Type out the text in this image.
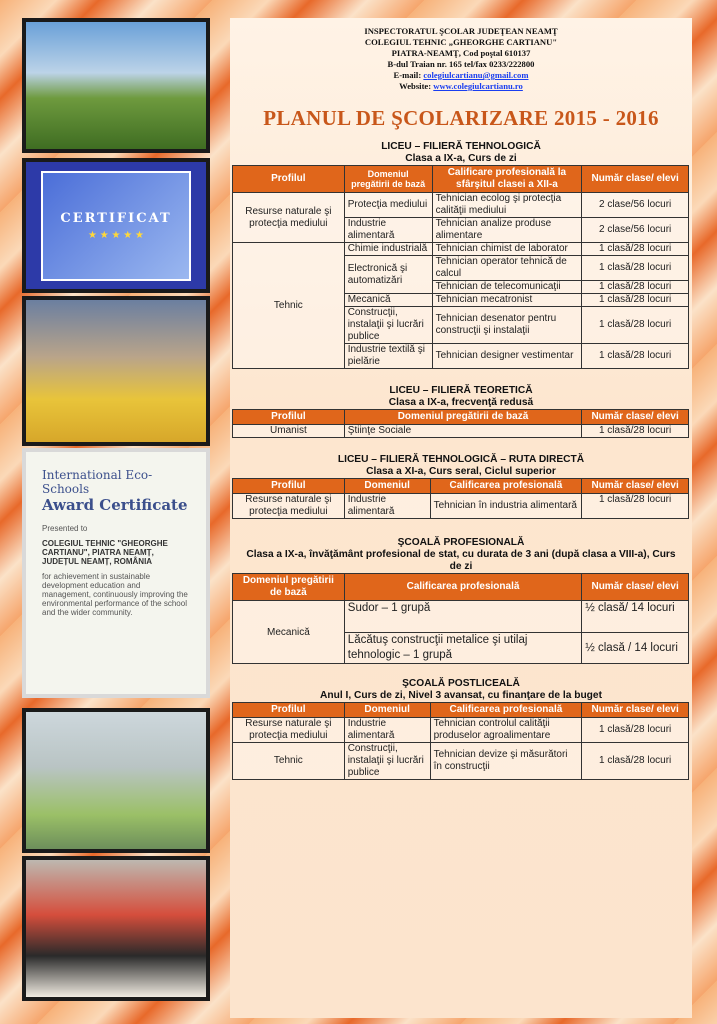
CERTIFICAT
★ ★ ★ ★ ★
International Eco-Schools
Award Certificate

Presented to

COLEGIUL TEHNIC "GHEORGHE CARTIANU", PIATRA NEAMȚ, JUDEȚUL NEAMȚ, ROMÂNIA

for achievement in sustainable development education and management, continuously improving the environmental performance of the school and the wider community.

INSPECTORATUL ŞCOLAR JUDEŢEAN NEAMŢ
COLEGIUL TEHNIC „GHEORGHE CARTIANU"
PIATRA-NEAMŢ, Cod poştal 610137
B-dul Traian nr. 165 tel/fax 0233/222800
E-mail: colegiulcartianu@gmail.com
Website: www.colegiulcartianu.ro
PLANUL DE ŞCOLARIZARE 2015 - 2016
LICEU – FILIERĂ TEHNOLOGICĂ
Clasa a IX-a, Curs de zi
Profilul	Domeniul pregătirii de bază	Calificare profesională la sfârşitul clasei a XII-a	Număr clase/ elevi
Resurse naturale şi protecţia mediului	Protecţia mediului	Tehnician ecolog şi protecţia calităţii mediului	2 clase/56 locuri
	Industrie alimentară	Tehnician analize produse alimentare	2 clase/56 locuri
Tehnic	Chimie industrială	Tehnician chimist de laborator	1 clasă/28 locuri
	Electronică şi automatizări	Tehnician operator tehnică de calcul	1 clasă/28 locuri
		Tehnician de telecomunicaţii	1 clasă/28 locuri
	Mecanică	Tehnician mecatronist	1 clasă/28 locuri
	Construcţii, instalaţii şi lucrări publice	Tehnician desenator pentru construcţii şi instalaţii	1 clasă/28 locuri
	Industrie textilă şi pielărie	Tehnician designer vestimentar	1 clasă/28 locuri
LICEU – FILIERĂ TEORETICĂ
Clasa a IX-a, frecvenţă redusă
Profilul	Domeniul pregătirii de bază	Număr clase/ elevi
Umanist	Ştiinţe Sociale	1 clasă/28 locuri
LICEU – FILIERĂ TEHNOLOGICĂ – RUTA DIRECTĂ
Clasa a XI-a, Curs seral, Ciclul superior
Profilul	Domeniul	Calificarea profesională	Număr clase/ elevi
Resurse naturale şi protecţia mediului	Industrie alimentară	Tehnician în industria alimentară	1 clasă/28 locuri
ŞCOALĂ PROFESIONALĂ
Clasa a IX-a, învăţământ profesional de stat, cu durata de 3 ani (după clasa a VIII-a), Curs de zi
Domeniul pregătirii de bază	Calificarea profesională	Număr clase/ elevi
Mecanică	Sudor – 1 grupă	½ clasă/ 14 locuri
	Lăcătuş construcţii metalice şi utilaj tehnologic – 1 grupă	½ clasă / 14 locuri
ŞCOALĂ POSTLICEALĂ
Anul I, Curs de zi, Nivel 3 avansat, cu finanţare de la buget
Profilul	Domeniul	Calificarea profesională	Număr clase/ elevi
Resurse naturale şi protecţia mediului	Industrie alimentară	Tehnician controlul calităţii produselor agroalimentare	1 clasă/28 locuri
Tehnic	Construcţii, instalaţii şi lucrări publice	Tehnician devize şi măsurători în construcţii	1 clasă/28 locuri
